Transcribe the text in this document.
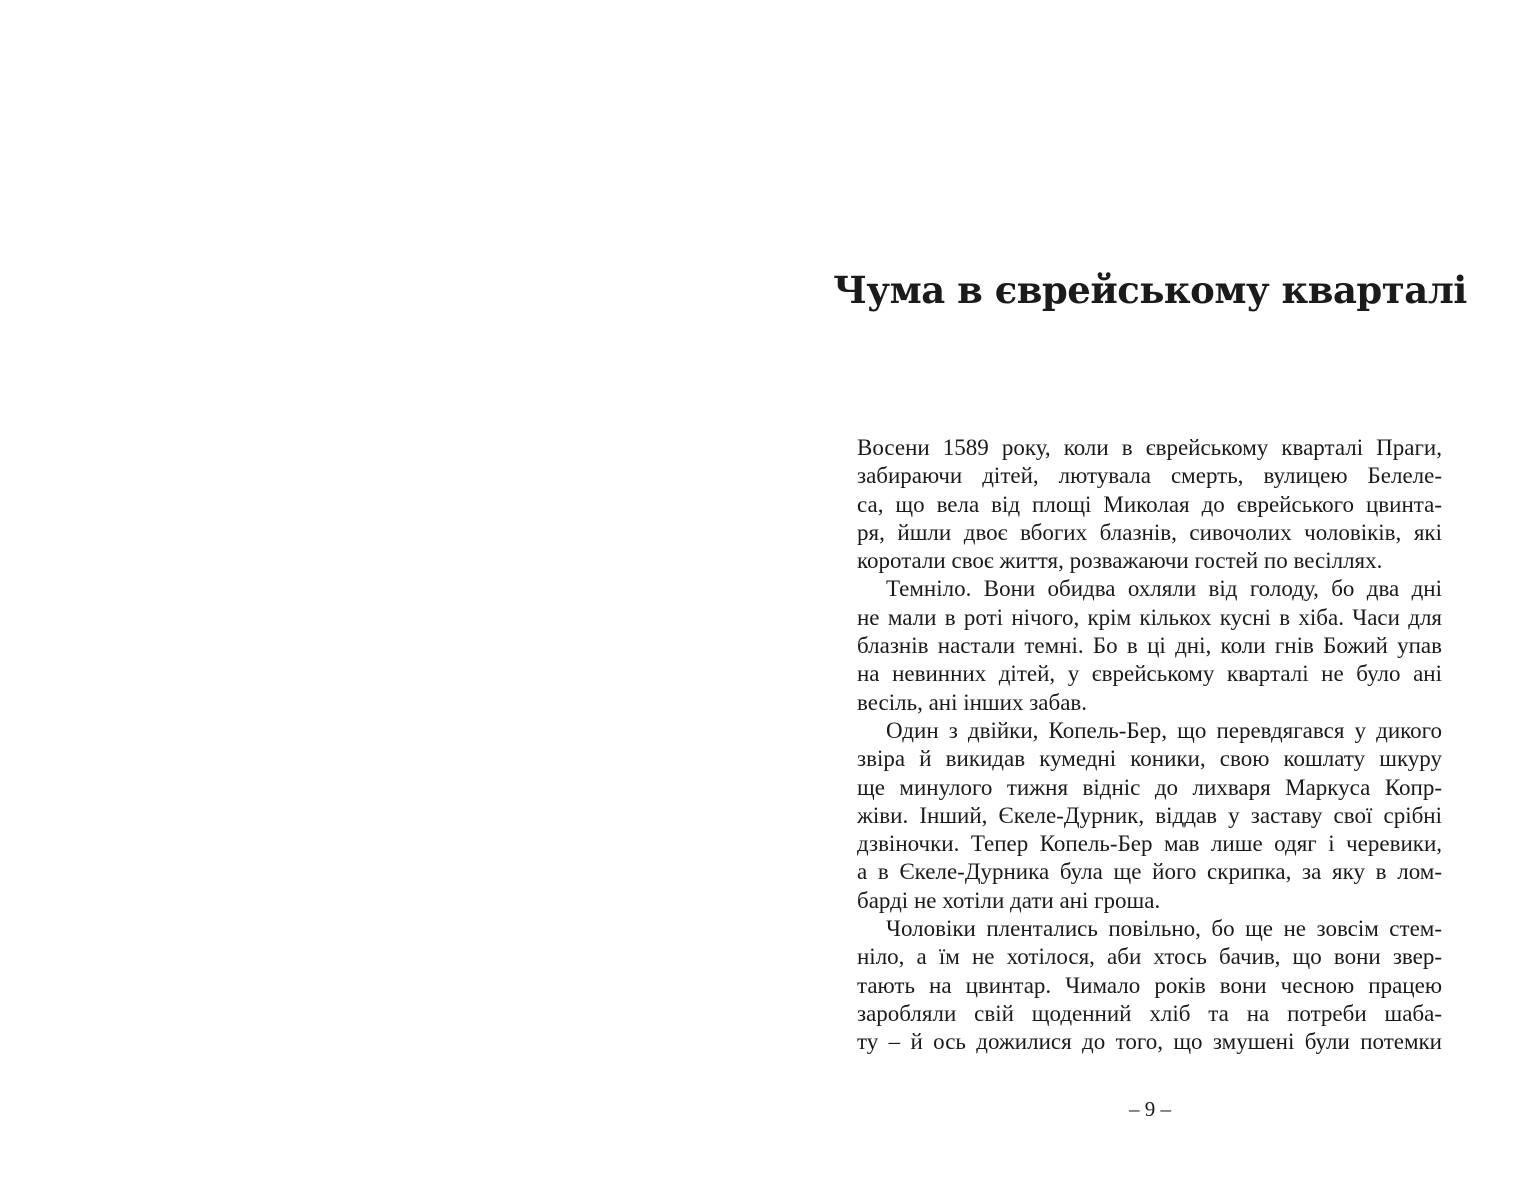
Чума в єврейському кварталі
Восени 1589 року, коли в єврейському кварталі Праги,
забираючи дітей, лютувала смерть, вулицею Белеле-
са, що вела від площі Миколая до єврейського цвинта-
ря, йшли двоє вбогих блазнів, сивочолих чоловіків, які
коротали своє життя, розважаючи гостей по весіллях.
Темніло. Вони обидва охляли від голоду, бо два дні
не мали в роті нічого, крім кількох кусні в хіба. Часи для
блазнів настали темні. Бо в ці дні, коли гнів Божий упав
на невинних дітей, у єврейському кварталі не було ані
весіль, ані інших забав.
Один з двійки, Копель-Бер, що перевдягався у дикого
звіра й викидав кумедні коники, свою кошлату шкуру
ще минулого тижня відніс до лихваря Маркуса Копр-
жіви. Інший, Єкеле-Дурник, віддав у заставу свої срібні
дзвіночки. Тепер Копель-Бер мав лише одяг і черевики,
а в Єкеле-Дурника була ще його скрипка, за яку в лом-
барді не хотіли дати ані гроша.
Чоловіки плентались повільно, бо ще не зовсім стем-
ніло, а їм не хотілося, аби хтось бачив, що вони звер-
тають на цвинтар. Чимало років вони чесною працею
заробляли свій щоденний хліб та на потреби шаба-
ту – й ось дожилися до того, що змушені були потемки
– 9 –
